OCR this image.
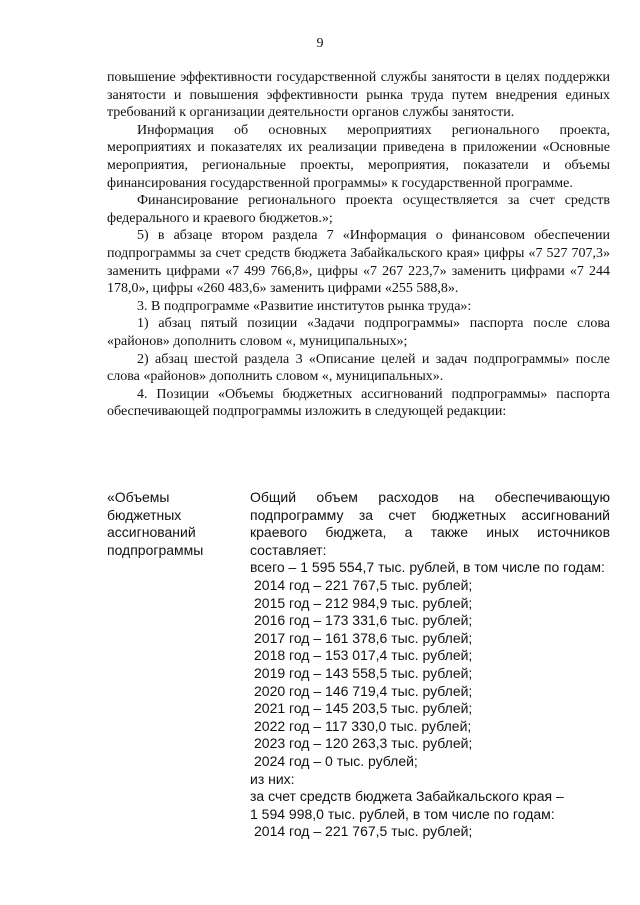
9

повышение эффективности государственной службы занятости в целях поддержки занятости и повышения эффективности рынка труда путем внедрения единых требований к организации деятельности органов службы занятости.

Информация об основных мероприятиях регионального проекта, мероприятиях и показателях их реализации приведена в приложении «Основные мероприятия, региональные проекты, мероприятия, показатели и объемы финансирования государственной программы» к государственной программе.

Финансирование регионального проекта осуществляется за счет средств федерального и краевого бюджетов.»;

5) в абзаце втором раздела 7 «Информация о финансовом обеспечении подпрограммы за счет средств бюджета Забайкальского края» цифры «7 527 707,3» заменить цифрами «7 499 766,8», цифры «7 267 223,7» заменить цифрами «7 244 178,0», цифры «260 483,6» заменить цифрами «255 588,8».

3. В подпрограмме «Развитие институтов рынка труда»:

1) абзац пятый позиции «Задачи подпрограммы» паспорта после слова «районов» дополнить словом «, муниципальных»;

2) абзац шестой раздела 3 «Описание целей и задач подпрограммы» после слова «районов» дополнить словом «, муниципальных».

4. Позиции «Объемы бюджетных ассигнований подпрограммы» паспорта обеспечивающей подпрограммы изложить в следующей редакции:

«Объемы бюджетных ассигнований подпрограммы

Общий объем расходов на обеспечивающую подпрограмму за счет бюджетных ассигнований краевого бюджета, а также иных источников составляет:

всего – 1 595 554,7 тыс. рублей, в том числе по годам:
2014 год – 221 767,5 тыс. рублей;
2015 год – 212 984,9 тыс. рублей;
2016 год – 173 331,6 тыс. рублей;
2017 год – 161 378,6 тыс. рублей;
2018 год – 153 017,4 тыс. рублей;
2019 год – 143 558,5 тыс. рублей;
2020 год – 146 719,4 тыс. рублей;
2021 год – 145 203,5 тыс. рублей;
2022 год – 117 330,0 тыс. рублей;
2023 год – 120 263,3 тыс. рублей;
2024 год – 0 тыс. рублей;
из них:
за счет средств бюджета Забайкальского края –
1 594 998,0 тыс. рублей, в том числе по годам:
2014 год – 221 767,5 тыс. рублей;
